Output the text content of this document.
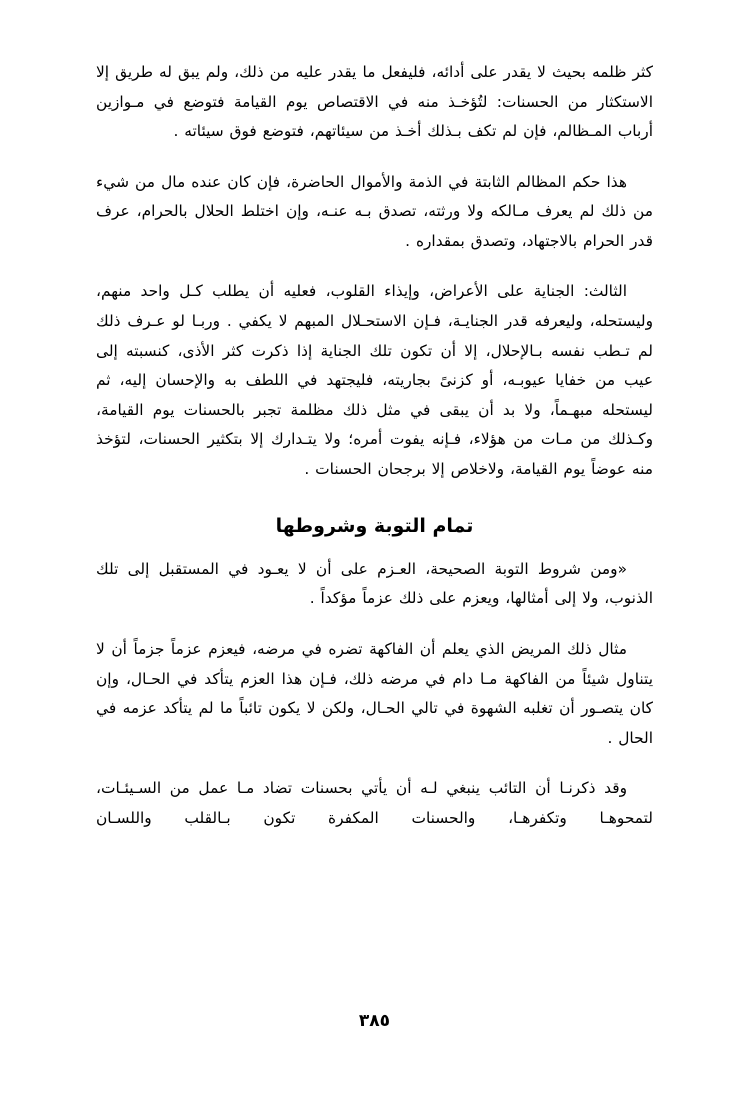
كثر ظلمه بحيث لا يقدر على أدائه، فليفعل ما يقدر عليه من ذلك، ولم يبق له طريق إلا الاستكثار من الحسنات: لتُؤخـذ منه في الاقتصاص يوم القيامة فتوضع في مـوازين أرباب المـظالم، فإن لم تكف بـذلك أخـذ من سيئاتهم، فتوضع فوق سيئاته .

هذا حكم المظالم الثابتة في الذمة والأموال الحاضرة، فإن كان عنده مال من شيء من ذلك لم يعرف مـالكه ولا ورثته، تصدق بـه عنـه، وإن اختلط الحلال بالحرام، عرف قدر الحرام بالاجتهاد، وتصدق بمقداره .

الثالث: الجناية على الأعراض، وإيذاء القلوب، فعليه أن يطلب كـل واحد منهم، وليستحله، وليعرفه قدر الجنايـة، فـإن الاستحـلال المبهم لا يكفي . وربـا لو عـرف ذلك لم تـطب نفسه بـالإحلال، إلا أن تكون تلك الجناية إذا ذكرت كثر الأذى، كنسبته إلى عيب من خفايا عيوبـه، أو كزنىً بجاريته، فليجتهد في اللطف به والإحسان إليه، ثم ليستحله مبهـماً، ولا بد أن يبقى في مثل ذلك مظلمة تجبر بالحسنات يوم القيامة، وكـذلك من مـات من هؤلاء، فـإنه يفوت أمره؛ ولا يتـدارك إلا بتكثير الحسنات، لتؤخذ منه عوضاً يوم القيامة، ولاخلاص إلا برجحان الحسنات .

تمام التوبة وشروطها

«ومن شروط التوبة الصحيحة، العـزم على أن لا يعـود في المستقبل إلى تلك الذنوب، ولا إلى أمثالها، ويعزم على ذلك عزماً مؤكداً .

مثال ذلك المريض الذي يعلم أن الفاكهة تضره في مرضه، فيعزم عزماً جزماً أن لا يتناول شيئاً من الفاكهة مـا دام في مرضه ذلك، فـإن هذا العزم يتأكد في الحـال، وإن كان يتصـور أن تغلبه الشهوة في تالي الحـال، ولكن لا يكون تائباً ما لم يتأكد عزمه في الحال .

وقد ذكرنـا أن التائب ينبغي لـه أن يأتي بحسنات تضاد مـا عمل من السـيئـات، لتمحوهـا وتكفرهـا، والحسنات المكفرة تكون بـالقلب واللسـان

٣٨٥
